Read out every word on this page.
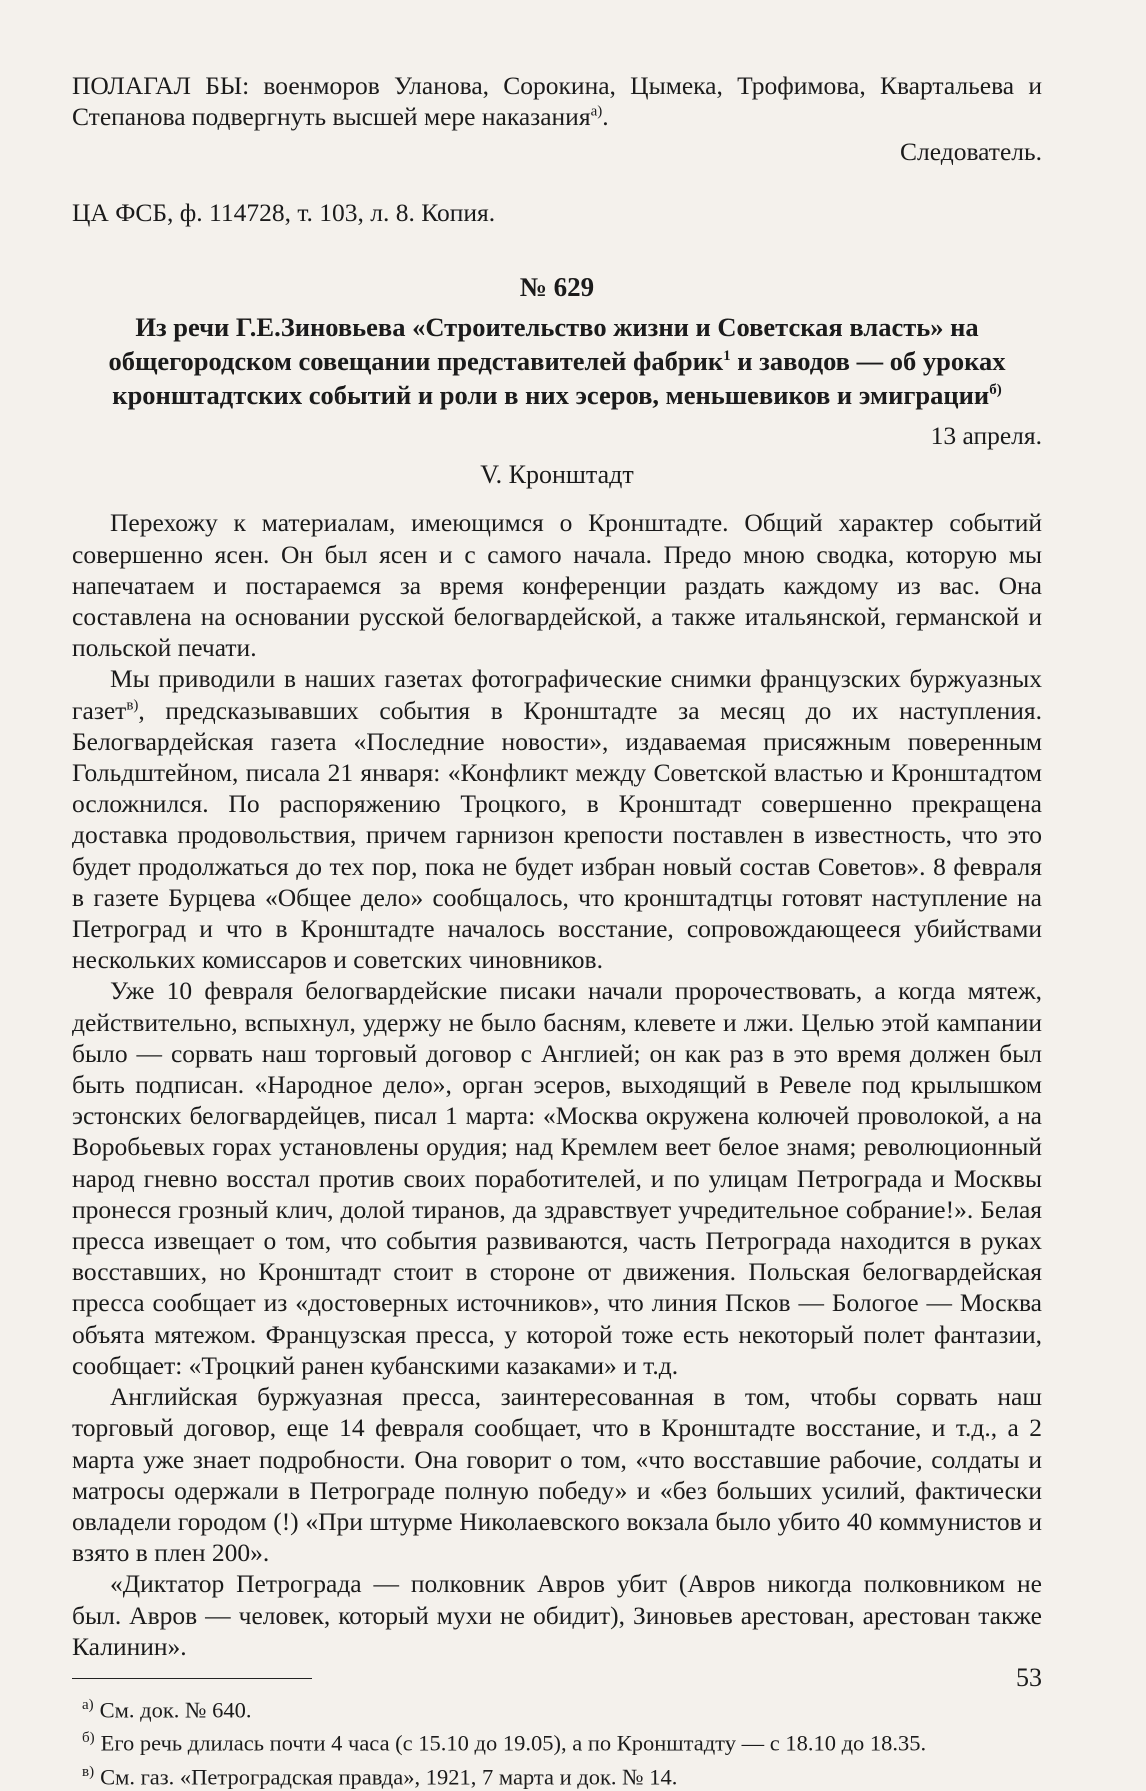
ПОЛАГАЛ БЫ: военморов Уланова, Сорокина, Цымека, Трофимова, Квартальева и Степанова подвергнуть высшей мере наказания$^{а)}$.

Следователь.

ЦА ФСБ, ф. 114728, т. 103, л. 8. Копия.

№ 629

Из речи Г.Е.Зиновьева «Строительство жизни и Советская власть» на общегородском совещании представителей фабрик$^1$ и заводов — об уроках кронштадтских событий и роли в них эсеров, меньшевиков и эмиграции$^{б)}$

13 апреля.

V. Кронштадт

Перехожу к материалам, имеющимся о Кронштадте. Общий характер событий совершенно ясен. Он был ясен и с самого начала. Предо мною сводка, которую мы напечатаем и постараемся за время конференции раздать каждому из вас. Она составлена на основании русской белогвардейской, а также итальянской, германской и польской печати.

Мы приводили в наших газетах фотографические снимки французских буржуазных газет$^{в)}$, предсказывавших события в Кронштадте за месяц до их наступления. Белогвардейская газета «Последние новости», издаваемая присяжным поверенным Гольдштейном, писала 21 января: «Конфликт между Советской властью и Кронштадтом осложнился. По распоряжению Троцкого, в Кронштадт совершенно прекращена доставка продовольствия, причем гарнизон крепости поставлен в известность, что это будет продолжаться до тех пор, пока не будет избран новый состав Советов». 8 февраля в газете Бурцева «Общее дело» сообщалось, что кронштадтцы готовят наступление на Петроград и что в Кронштадте началось восстание, сопровождающееся убийствами нескольких комиссаров и советских чиновников.

Уже 10 февраля белогвардейские писаки начали пророчествовать, а когда мятеж, действительно, вспыхнул, удержу не было басням, клевете и лжи. Целью этой кампании было — сорвать наш торговый договор с Англией; он как раз в это время должен был быть подписан. «Народное дело», орган эсеров, выходящий в Ревеле под крылышком эстонских белогвардейцев, писал 1 марта: «Москва окружена колючей проволокой, а на Воробьевых горах установлены орудия; над Кремлем веет белое знамя; революционный народ гневно восстал против своих поработителей, и по улицам Петрограда и Москвы пронесся грозный клич, долой тиранов, да здравствует учредительное собрание!». Белая пресса извещает о том, что события развиваются, часть Петрограда находится в руках восставших, но Кронштадт стоит в стороне от движения. Польская белогвардейская пресса сообщает из «достоверных источников», что линия Псков — Бологое — Москва объята мятежом. Французская пресса, у которой тоже есть некоторый полет фантазии, сообщает: «Троцкий ранен кубанскими казаками» и т.д.

Английская буржуазная пресса, заинтересованная в том, чтобы сорвать наш торговый договор, еще 14 февраля сообщает, что в Кронштадте восстание, и т.д., а 2 марта уже знает подробности. Она говорит о том, «что восставшие рабочие, солдаты и матросы одержали в Петрограде полную победу» и «без больших усилий, фактически овладели городом (!) «При штурме Николаевского вокзала было убито 40 коммунистов и взято в плен 200».

«Диктатор Петрограда — полковник Авров убит (Авров никогда полковником не был. Авров — человек, который мухи не обидит), Зиновьев арестован, арестован также Калинин».

$^{а)}$ См. док. № 640.

$^{б)}$ Его речь длилась почти 4 часа (с 15.10 до 19.05), а по Кронштадту — с 18.10 до 18.35.

$^{в)}$ См. газ. «Петроградская правда», 1921, 7 марта и док. № 14.

53
